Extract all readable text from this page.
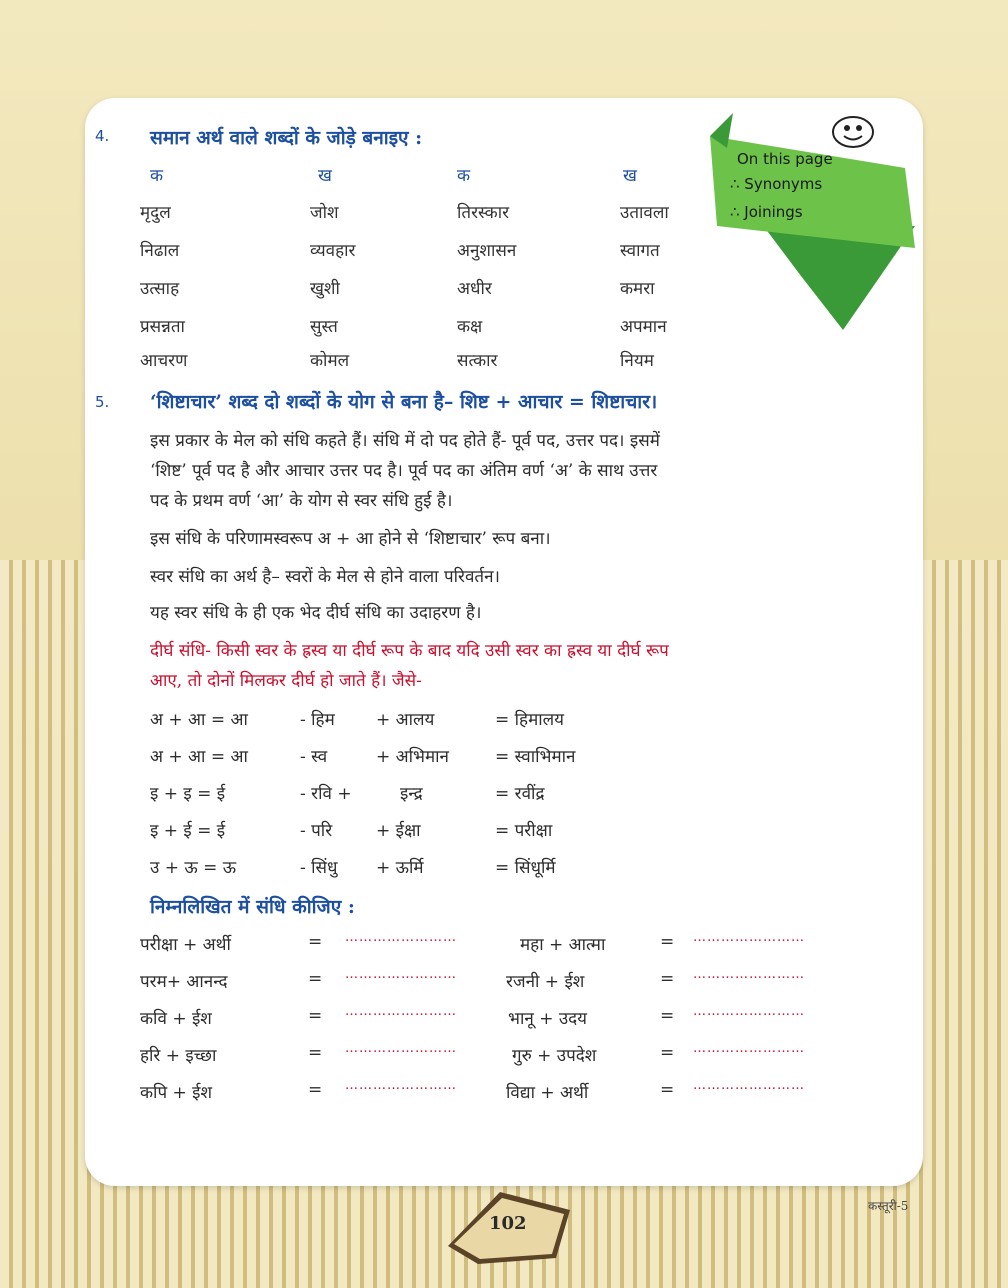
On this page
∴ Synonyms
∴ Joinings
4. समान अर्थ वाले शब्दों के जोड़े बनाइए :
क	ख	क	ख
मृदुल	जोश	तिरस्कार	उतावला
निढाल	व्यवहार	अनुशासन	स्वागत
उत्साह	खुशी	अधीर	कमरा
प्रसन्नता	सुस्त	कक्ष	अपमान
आचरण	कोमल	सत्कार	नियम
5. ‘शिष्टाचार’ शब्द दो शब्दों के योग से बना है– शिष्ट + आचार = शिष्टाचार।
इस प्रकार के मेल को संधि कहते हैं। संधि में दो पद होते हैं- पूर्व पद, उत्तर पद। इसमें
‘शिष्ट’ पूर्व पद है और आचार उत्तर पद है। पूर्व पद का अंतिम वर्ण ‘अ’ के साथ उत्तर
पद के प्रथम वर्ण ‘आ’ के योग से स्वर संधि हुई है।
इस संधि के परिणामस्वरूप अ + आ होने से ‘शिष्टाचार’ रूप बना।
स्वर संधि का अर्थ है– स्वरों के मेल से होने वाला परिवर्तन।
यह स्वर संधि के ही एक भेद दीर्घ संधि का उदाहरण है।
दीर्घ संधि- किसी स्वर के ह्रस्व या दीर्घ रूप के बाद यदि उसी स्वर का ह्रस्व या दीर्घ रूप
आए, तो दोनों मिलकर दीर्घ हो जाते हैं। जैसे-
अ + आ = आ	- हिम + आलय	= हिमालय
अ + आ = आ	- स्व	+ अभिमान	= स्वाभिमान
इ + इ = ई	- रवि +	इन्द्र	= रवींद्र
इ + ई = ई	- परि	+ ईक्षा	= परीक्षा
उ + ऊ = ऊ	- सिंधु + ऊर्मि	= सिंधूर्मि
निम्नलिखित में संधि कीजिए :
परीक्षा + अर्थी	= ……………………	महा + आत्मा	= ……………………
परम+ आनन्द	= ……………………	रजनी + ईश	= ……………………
कवि + ईश	= ……………………	भानू + उदय	= ……………………
हरि + इच्छा	= ……………………	गुरु + उपदेश	= ……………………
कपि + ईश	= ……………………	विद्या + अर्थी	= ……………………
102
कस्तूरी-5
